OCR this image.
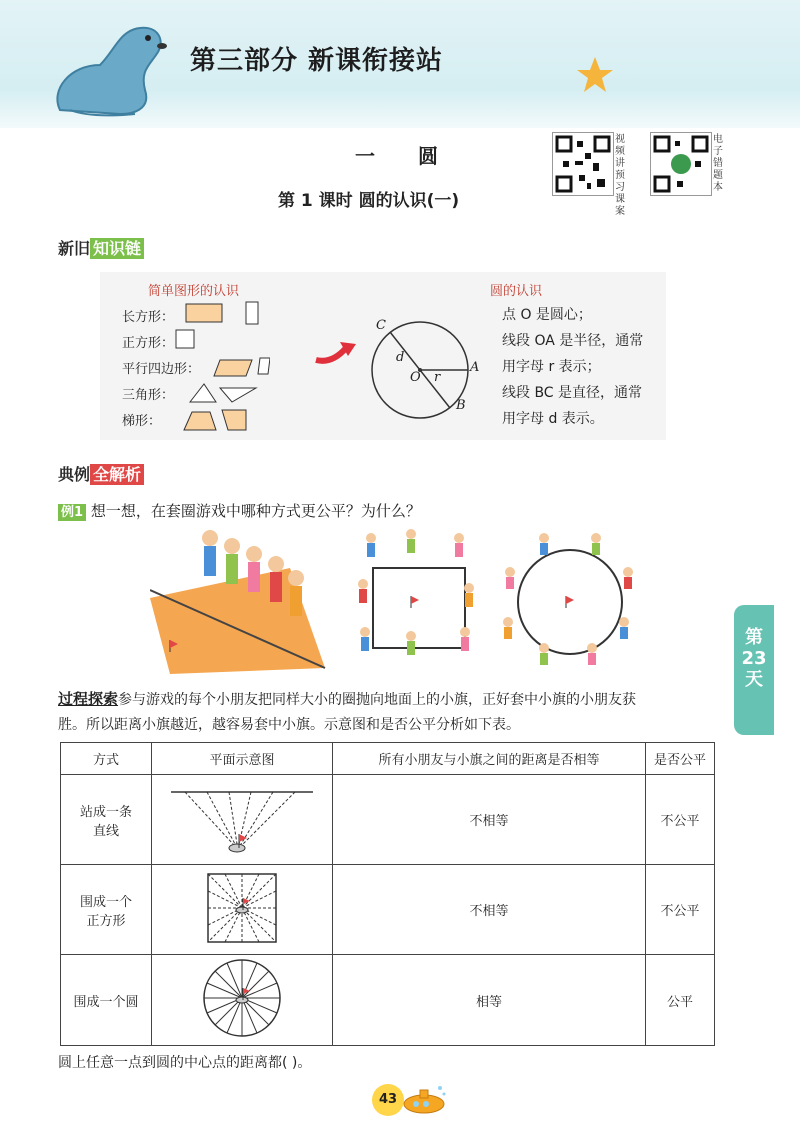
第三部分 新课衔接站
一 圆
第 1 课时 圆的认识(一)
视频讲预习课案
电子错题本
新旧 知识链
简单图形的认识
长方形：
正方形：
平行四边形：
三角形：
梯形：
C
A
B
O
d
r
圆的认识
点 O 是圆心；
线段 OA 是半径，通常
用字母 r 表示；
线段 BC 是直径，通常
用字母 d 表示。
典例 全解析
例1 想一想，在套圈游戏中哪种方式更公平？为什么？
过程探索参与游戏的每个小朋友把同样大小的圈抛向地面上的小旗，正好套中小旗的小朋友获
胜。所以距离小旗越近，越容易套中小旗。示意图和是否公平分析如下表。
方式	平面示意图	所有小朋友与小旗之间的距离是否相等	是否公平

站成一条
直线		不相等	不公平

围成一个
正方形		不相等	不公平

围成一个圆		相等	公平
圆上任意一点到圆的中心点的距离都( )。
第
23
天
43
